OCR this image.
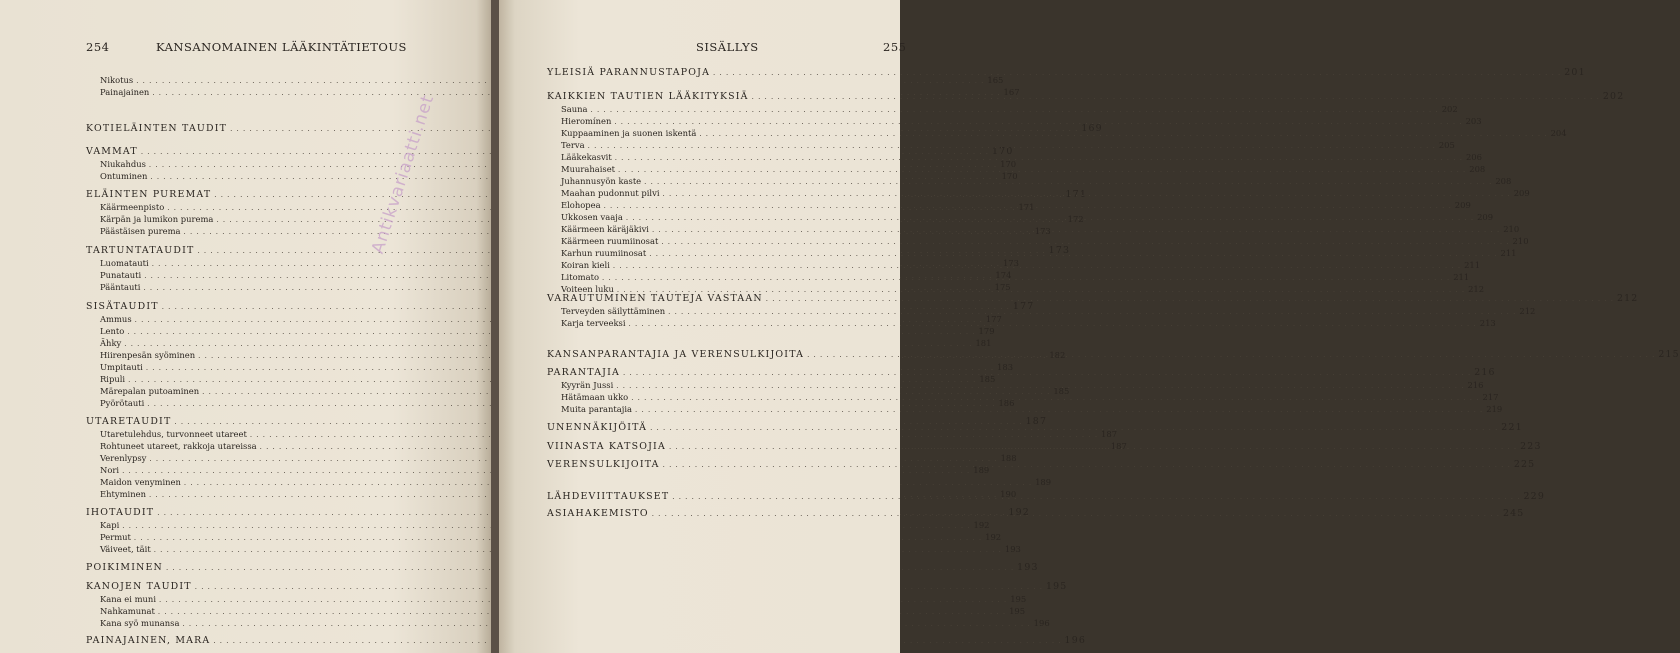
254	KANSANOMAINEN LÄÄKINTÄTIETOUS
Nikotus . . .	165
Painajainen . . .	167
KOTIELÄINTEN TAUDIT . . .	169
VAMMAT . . .	170
Niukahdus . . .	170
Ontuminen . . .	170
ELÄINTEN PUREMAT . . .	171
Käärmeenpisto . . .	171
Kärpän ja lumikon purema . . .	172
Päästäisen purema . . .	173
TARTUNTATAUDIT . . .	173
Luomatauti . . .	173
Punatauti . . .	174
Pääntauti . . .	175
SISÄTAUDIT . . .	177
Ammus . . .	177
Lento . . .	179
Ähky . . .	181
Hiirenpesän syöminen . . .	182
Umpitauti . . .	183
Ripuli . . .	185
Märepalan putoaminen . . .	185
Pyörötauti . . .	186
UTARETAUDIT . . .	187
Utaretulehdus, turvonneet utareet . . .	187
Rohtuneet utareet, rakkoja utareissa . . .	187
Verenlypsy . . .	188
Nori . . .	189
Maidon venyminen . . .	189
Ehtyminen . . .	190
IHOTAUDIT . . .	192
Kapi . . .	192
Permut . . .	192
Väiveet, täit . . .	193
POIKIMINEN . . .	193
KANOJEN TAUDIT . . .	195
Kana ei muni . . .	195
Nahkamunat . . .	195
Kana syö munansa . . .	196
PAINAJAINEN, MARA . . .	196
Antikvariaatti.net
SISÄLLYS	255
YLEISIÄ PARANNUSTAPOJA . . .	201
KAIKKIEN TAUTIEN LÄÄKITYKSIÄ . . .	202
Sauna . . .	202
Hieromínen . . .	203
Kuppaaminen ja suonen iskentä . . .	204
Terva . . .	205
Lääkekasvit . . .	206
Muurahaiset . . .	208
Juhannusyön kaste . . .	208
Maahan pudonnut pilvi . . .	209
Elohopea . . .	209
Ukkosen vaaja . . .	209
Käärmeen käräjäkivi . . .	210
Käärmeen ruumiinosat . . .	210
Karhun ruumiinosat . . .	211
Koiran kieli . . .	211
Litomato . . .	211
Voiteen luku . . .	212
VARAUTUMINEN TAUTEJA VASTAAN . . .	212
Terveyden säilyttäminen . . .	212
Karja terveeksi . . .	213
KANSANPARANTAJIA JA VERENSULKIJOITA . . .	215
PARANTAJIA . . .	216
Kyyrän Jussi . . .	216
Hätämaan ukko . . .	217
Muita parantajia . . .	219
UNENNÄKIJÖITÄ . . .	221
VIINASTA KATSOJIA . . .	223
VERENSULKIJOITA . . .	225
LÄHDEVIITTAUKSET . . .	229
ASIAHAKEMISTO . . .	245
